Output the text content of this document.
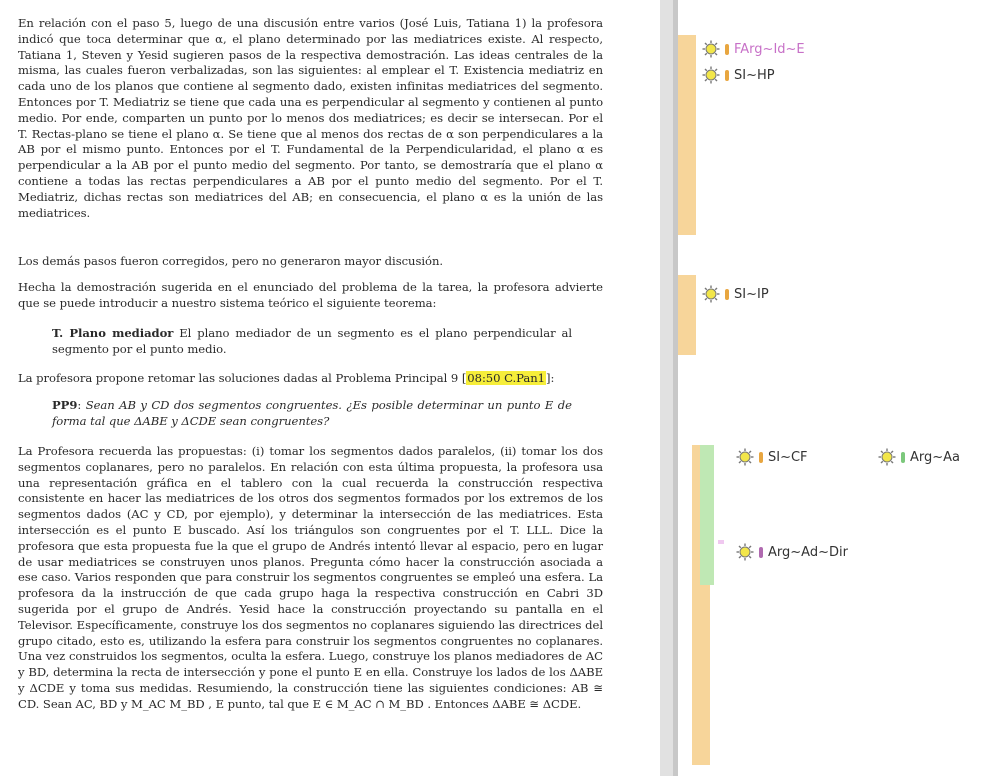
En relación con el paso 5, luego de una discusión entre varios (José Luis, Tatiana 1) la profesora indicó que toca determinar que α, el plano determinado por las mediatrices existe. Al respecto, Tatiana 1, Steven y Yesid sugieren pasos de la respectiva demostración. Las ideas centrales de la misma, las cuales fueron verbalizadas, son las siguientes: al emplear el T. Existencia mediatriz en cada uno de los planos que contiene al segmento dado, existen infinitas mediatrices del segmento. Entonces por T. Mediatriz se tiene que cada una es perpendicular al segmento y contienen al punto medio. Por ende, comparten un punto por lo menos dos mediatrices; es decir se intersecan. Por el T. Rectas-plano se tiene el plano α. Se tiene que al menos dos rectas de α son perpendiculares a la AB por el mismo punto. Entonces por el T. Fundamental de la Perpendicularidad, el plano α es perpendicular a la AB por el punto medio del segmento. Por tanto, se demostraría que el plano α contiene a todas las rectas perpendiculares a AB por el punto medio del segmento. Por el T. Mediatriz, dichas rectas son mediatrices del AB; en consecuencia, el plano α es la unión de las mediatrices.

Los demás pasos fueron corregidos, pero no generaron mayor discusión.

Hecha la demostración sugerida en el enunciado del problema de la tarea, la profesora advierte que se puede introducir a nuestro sistema teórico el siguiente teorema:

T. Plano mediador El plano mediador de un segmento es el plano perpendicular al segmento por el punto medio.

La profesora propone retomar las soluciones dadas al Problema Principal 9 [08:50 C.Pan1]:

PP9: Sean AB y CD dos segmentos congruentes. ¿Es posible determinar un punto E de forma tal que ΔABE y ΔCDE sean congruentes?

La Profesora recuerda las propuestas: (i) tomar los segmentos dados paralelos, (ii) tomar los dos segmentos coplanares, pero no paralelos. En relación con esta última propuesta, la profesora usa una representación gráfica en el tablero con la cual recuerda la construcción respectiva consistente en hacer las mediatrices de los otros dos segmentos formados por los extremos de los segmentos dados (AC y CD, por ejemplo), y determinar la intersección de las mediatrices. Esta intersección es el punto E buscado. Así los triángulos son congruentes por el T. LLL. Dice la profesora que esta propuesta fue la que el grupo de Andrés intentó llevar al espacio, pero en lugar de usar mediatrices se construyen unos planos. Pregunta cómo hacer la construcción asociada a ese caso. Varios responden que para construir los segmentos congruentes se empleó una esfera. La profesora da la instrucción de que cada grupo haga la respectiva construcción en Cabri 3D sugerida por el grupo de Andrés. Yesid hace la construcción proyectando su pantalla en el Televisor. Específicamente, construye los dos segmentos no coplanares siguiendo las directrices del grupo citado, esto es, utilizando la esfera para construir los segmentos congruentes no coplanares. Una vez construidos los segmentos, oculta la esfera. Luego, construye los planos mediadores de AC y BD, determina la recta de intersección y pone el punto E en ella. Construye los lados de los ΔABE y ΔCDE y toma sus medidas. Resumiendo, la construcción tiene las siguientes condiciones: AB ≅ CD. Sean AC, BD y M_AC M_BD , E punto, tal que E ∈ M_AC ∩ M_BD . Entonces ΔABE ≅ ΔCDE.

FArg~Id~E
SI~HP
SI~IP
SI~CF	Arg~Aa
Arg~Ad~Dir
